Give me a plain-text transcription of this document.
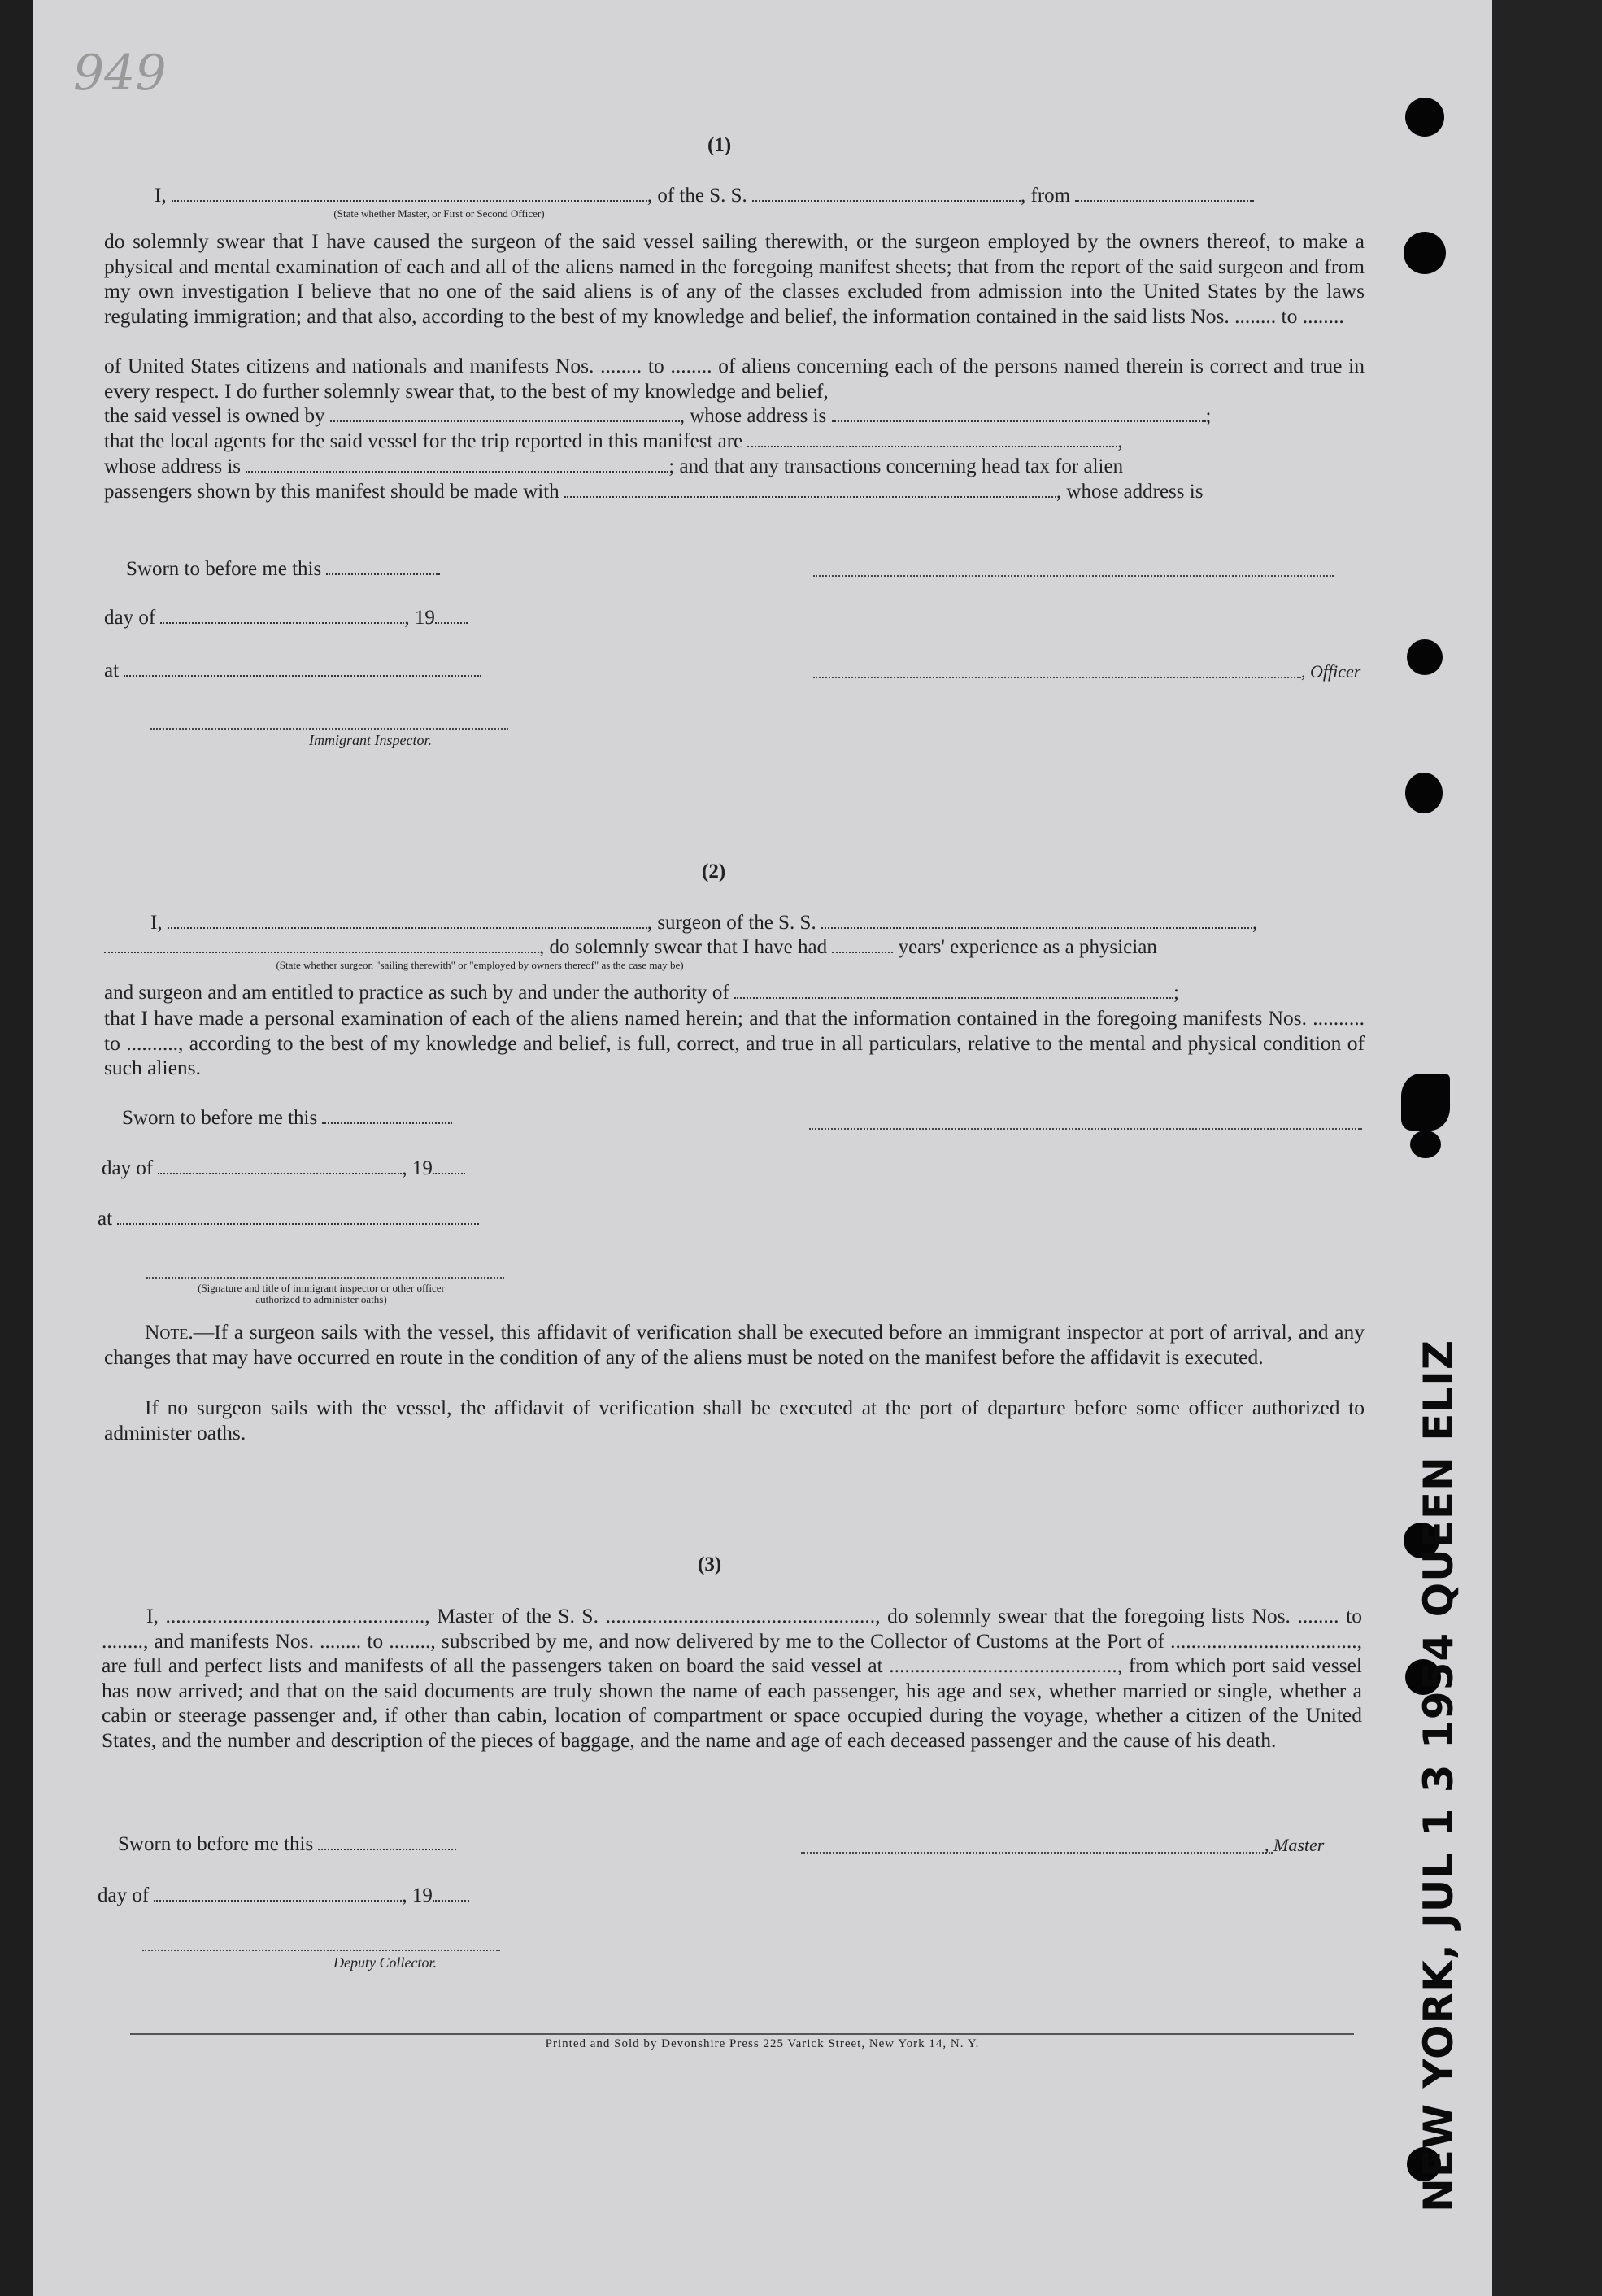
949
(1)
I,	, of the S. S.	, from
(State whether Master, or First or Second Officer)
do solemnly swear that I have caused the surgeon of the said vessel sailing therewith, or the surgeon employed by the owners thereof, to make a physical and mental examination of each and all of the aliens named in the foregoing manifest sheets; that from the report of the said surgeon and from my own investigation I believe that no one of the said aliens is of any of the classes excluded from admission into the United States by the laws regulating immigration; and that also, according to the best of my knowledge and belief, the information contained in the said lists Nos. ........ to ........
of United States citizens and nationals and manifests Nos. ........ to ........ of aliens concerning each of the persons named therein is correct and true in every respect. I do further solemnly swear that, to the best of my knowledge and belief,
the said vessel is owned by	, whose address is	;
that the local agents for the said vessel for the trip reported in this manifest are	,
whose address is	; and that any transactions concerning head tax for alien
passengers shown by this manifest should be made with	, whose address is
Sworn to before me this
day of	, 19
at	, Officer
Immigrant Inspector.
(2)
I,	, surgeon of the S. S.	,
, do solemnly swear that I have had	years' experience as a physician
(State whether surgeon "sailing therewith" or "employed by owners thereof" as the case may be)
and surgeon and am entitled to practice as such by and under the authority of	;
that I have made a personal examination of each of the aliens named herein; and that the information contained in the foregoing manifests Nos. .......... to .........., according to the best of my knowledge and belief, is full, correct, and true in all particulars, relative to the mental and physical condition of such aliens.
Sworn to before me this
day of	, 19
at
(Signature and title of immigrant inspector or other officer authorized to administer oaths)
Note.—If a surgeon sails with the vessel, this affidavit of verification shall be executed before an immigrant inspector at port of arrival, and any changes that may have occurred en route in the condition of any of the aliens must be noted on the manifest before the affidavit is executed.
If no surgeon sails with the vessel, the affidavit of verification shall be executed at the port of departure before some officer authorized to administer oaths.
(3)
I, .................................................., Master of the S. S. ...................................................., do solemnly swear that the foregoing lists Nos. ........ to ........, and manifests Nos. ........ to ........, subscribed by me, and now delivered by me to the Collector of Customs at the Port of ...................................., are full and perfect lists and manifests of all the passengers taken on board the said vessel at ............................................, from which port said vessel has now arrived; and that on the said documents are truly shown the name of each passenger, his age and sex, whether married or single, whether a cabin or steerage passenger and, if other than cabin, location of compartment or space occupied during the voyage, whether a citizen of the United States, and the number and description of the pieces of baggage, and the name and age of each deceased passenger and the cause of his death.
Sworn to before me this	, Master
day of	, 19
Deputy Collector.
Printed and Sold by Devonshire Press 225 Varick Street, New York 14, N. Y.	NEW YORK, JUL 1 3 1954 QUEEN ELIZ
